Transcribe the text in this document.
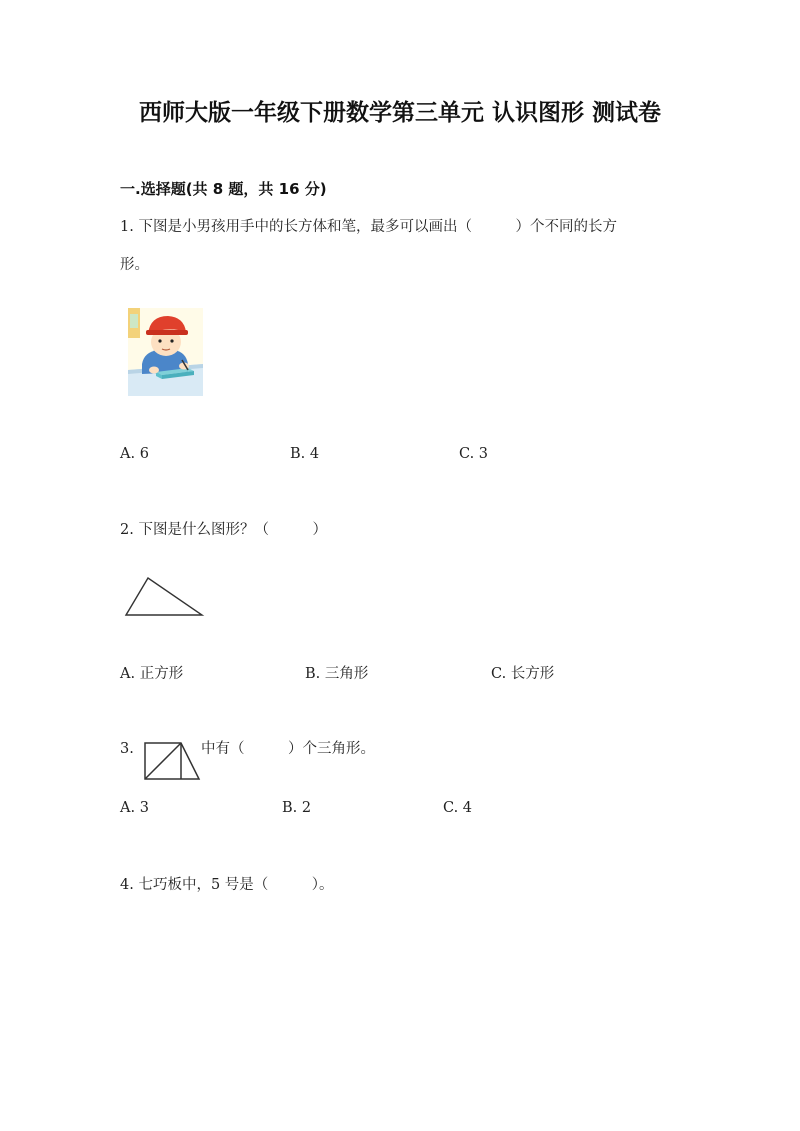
西师大版一年级下册数学第三单元 认识图形 测试卷
一.选择题(共 8 题，共 16 分)
1. 下图是小男孩用手中的长方体和笔，最多可以画出（　　　）个不同的长方
形。
A. 6	B. 4	C. 3
2. 下图是什么图形？（　　　）
A. 正方形	B. 三角形	C. 长方形
3.	中有（　　　）个三角形。
A. 3	B. 2	C. 4
4. 七巧板中，5 号是（　　　）。
